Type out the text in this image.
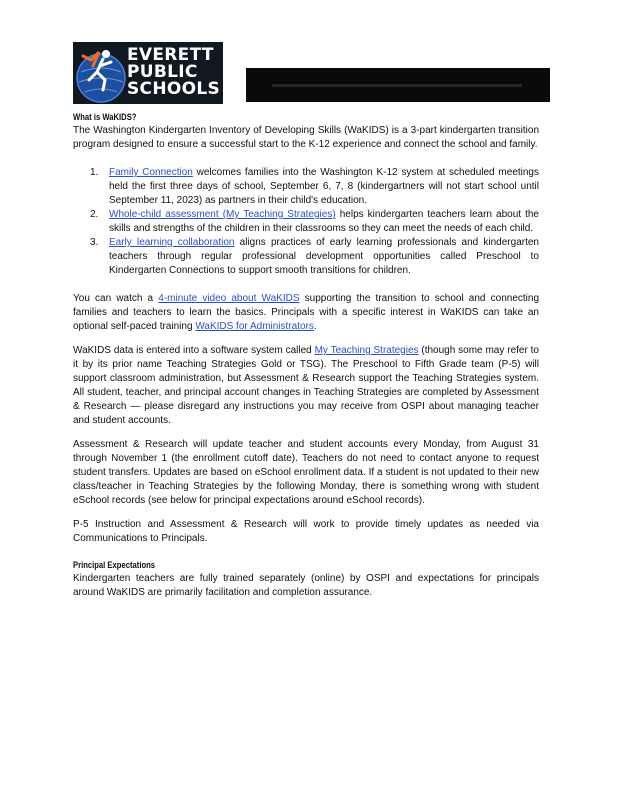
EVERETT
PUBLIC
SCHOOLS
What is WaKIDS?

The Washington Kindergarten Inventory of Developing Skills (WaKIDS) is a 3-part kindergarten transition program designed to ensure a successful start to the K-12 experience and connect the school and family.

1. Family Connection welcomes families into the Washington K-12 system at scheduled meetings held the first three days of school, September 6, 7, 8 (kindergartners will not start school until September 11, 2023) as partners in their child's education.
2. Whole-child assessment (My Teaching Strategies) helps kindergarten teachers learn about the skills and strengths of the children in their classrooms so they can meet the needs of each child.
3. Early learning collaboration aligns practices of early learning professionals and kindergarten teachers through regular professional development opportunities called Preschool to Kindergarten Connections to support smooth transitions for children.

You can watch a 4-minute video about WaKIDS supporting the transition to school and connecting families and teachers to learn the basics. Principals with a specific interest in WaKIDS can take an optional self-paced training WaKIDS for Administrators.

WaKIDS data is entered into a software system called My Teaching Strategies (though some may refer to it by its prior name Teaching Strategies Gold or TSG). The Preschool to Fifth Grade team (P-5) will support classroom administration, but Assessment & Research support the Teaching Strategies system. All student, teacher, and principal account changes in Teaching Strategies are completed by Assessment & Research — please disregard any instructions you may receive from OSPI about managing teacher and student accounts.

Assessment & Research will update teacher and student accounts every Monday, from August 31 through November 1 (the enrollment cutoff date). Teachers do not need to contact anyone to request student transfers. Updates are based on eSchool enrollment data. If a student is not updated to their new class/teacher in Teaching Strategies by the following Monday, there is something wrong with student eSchool records (see below for principal expectations around eSchool records).

P-5 Instruction and Assessment & Research will work to provide timely updates as needed via Communications to Principals.

Principal Expectations

Kindergarten teachers are fully trained separately (online) by OSPI and expectations for principals around WaKIDS are primarily facilitation and completion assurance.
